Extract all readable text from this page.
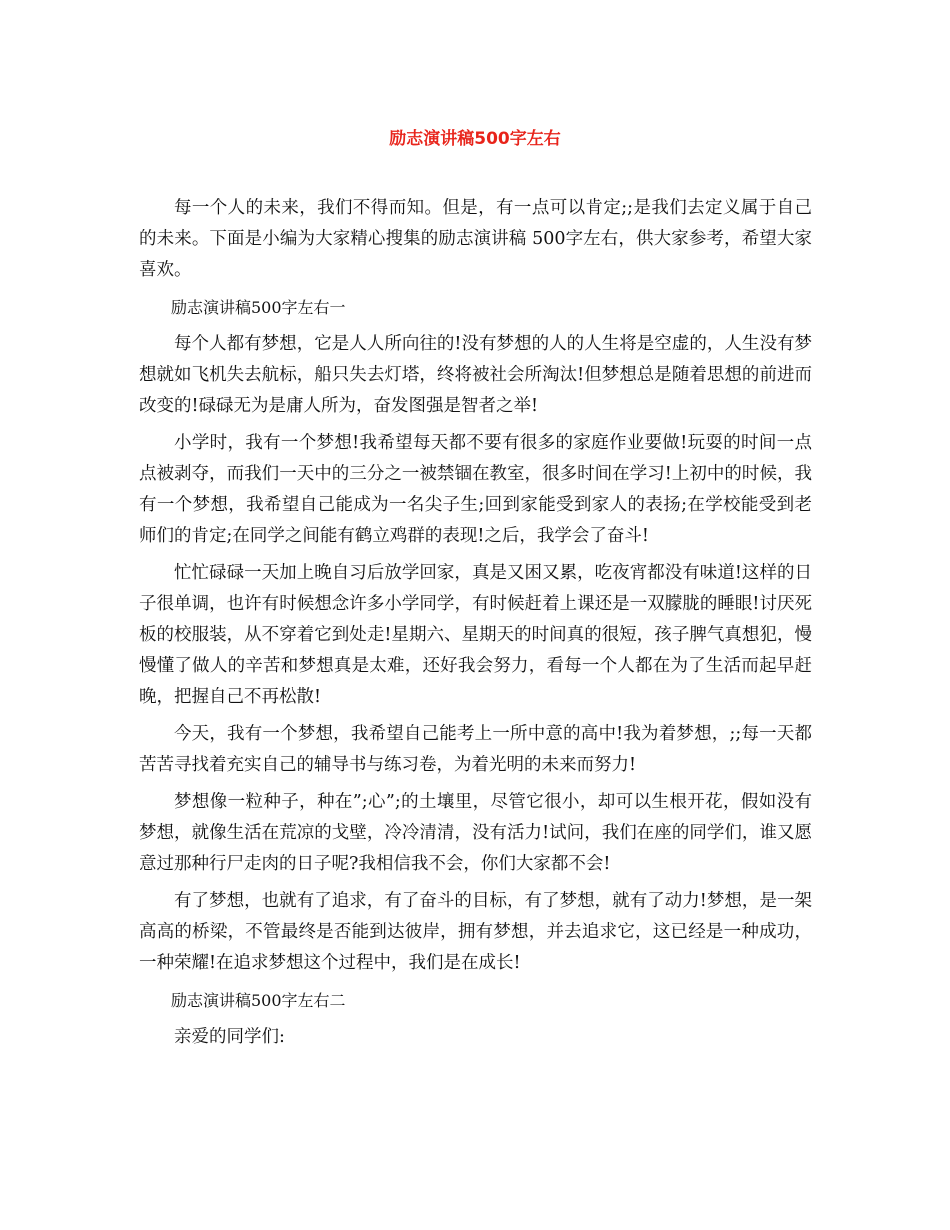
励志演讲稿500字左右

每一个人的未来，我们不得而知。但是，有一点可以肯定;;是我们去定义属于自己的未来。下面是小编为大家精心搜集的励志演讲稿 500字左右，供大家参考，希望大家喜欢。

励志演讲稿500字左右一

每个人都有梦想，它是人人所向往的!没有梦想的人的人生将是空虚的，人生没有梦想就如飞机失去航标，船只失去灯塔，终将被社会所淘汰!但梦想总是随着思想的前进而改变的!碌碌无为是庸人所为，奋发图强是智者之举!

小学时，我有一个梦想!我希望每天都不要有很多的家庭作业要做!玩耍的时间一点点被剥夺，而我们一天中的三分之一被禁锢在教室，很多时间在学习!上初中的时候，我有一个梦想，我希望自己能成为一名尖子生;回到家能受到家人的表扬;在学校能受到老师们的肯定;在同学之间能有鹤立鸡群的表现!之后，我学会了奋斗!

忙忙碌碌一天加上晚自习后放学回家，真是又困又累，吃夜宵都没有味道!这样的日子很单调，也许有时候想念许多小学同学，有时候赶着上课还是一双朦胧的睡眼!讨厌死板的校服装，从不穿着它到处走!星期六、星期天的时间真的很短，孩子脾气真想犯，慢慢懂了做人的辛苦和梦想真是太难，还好我会努力，看每一个人都在为了生活而起早赶晚，把握自己不再松散!

今天，我有一个梦想，我希望自己能考上一所中意的高中!我为着梦想，;;每一天都苦苦寻找着充实自己的辅导书与练习卷，为着光明的未来而努力!

梦想像一粒种子，种在”;心”;的土壤里，尽管它很小，却可以生根开花，假如没有梦想，就像生活在荒凉的戈壁，冷冷清清，没有活力!试问，我们在座的同学们，谁又愿意过那种行尸走肉的日子呢?我相信我不会，你们大家都不会!

有了梦想，也就有了追求，有了奋斗的目标，有了梦想，就有了动力!梦想，是一架高高的桥梁，不管最终是否能到达彼岸，拥有梦想，并去追求它，这已经是一种成功，一种荣耀!在追求梦想这个过程中，我们是在成长!

励志演讲稿500字左右二

亲爱的同学们:
